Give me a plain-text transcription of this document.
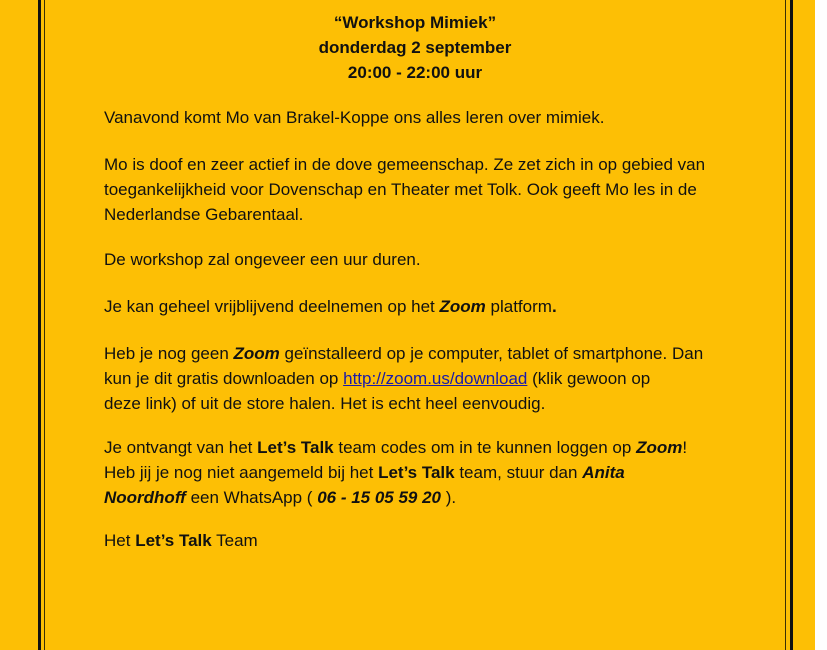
“Workshop Mimiek”
donderdag 2 september
20:00 - 22:00 uur

Vanavond komt Mo van Brakel-Koppe ons alles leren over mimiek.

Mo is doof en zeer actief in de dove gemeenschap. Ze zet zich in op gebied van
toegankelijkheid voor Dovenschap en Theater met Tolk. Ook geeft Mo les in de
Nederlandse Gebarentaal.

De workshop zal ongeveer een uur duren.

Je kan geheel vrijblijvend deelnemen op het Zoom platform.

Heb je nog geen Zoom geïnstalleerd op je computer, tablet of smartphone. Dan
kun je dit gratis downloaden op http://zoom.us/download (klik gewoon op
deze link) of uit de store halen. Het is echt heel eenvoudig.

Je ontvangt van het Let’s Talk team codes om in te kunnen loggen op Zoom!
Heb jij je nog niet aangemeld bij het Let’s Talk team, stuur dan Anita
Noordhoff een WhatsApp ( 06 - 15 05 59 20 ).

Het Let’s Talk Team
